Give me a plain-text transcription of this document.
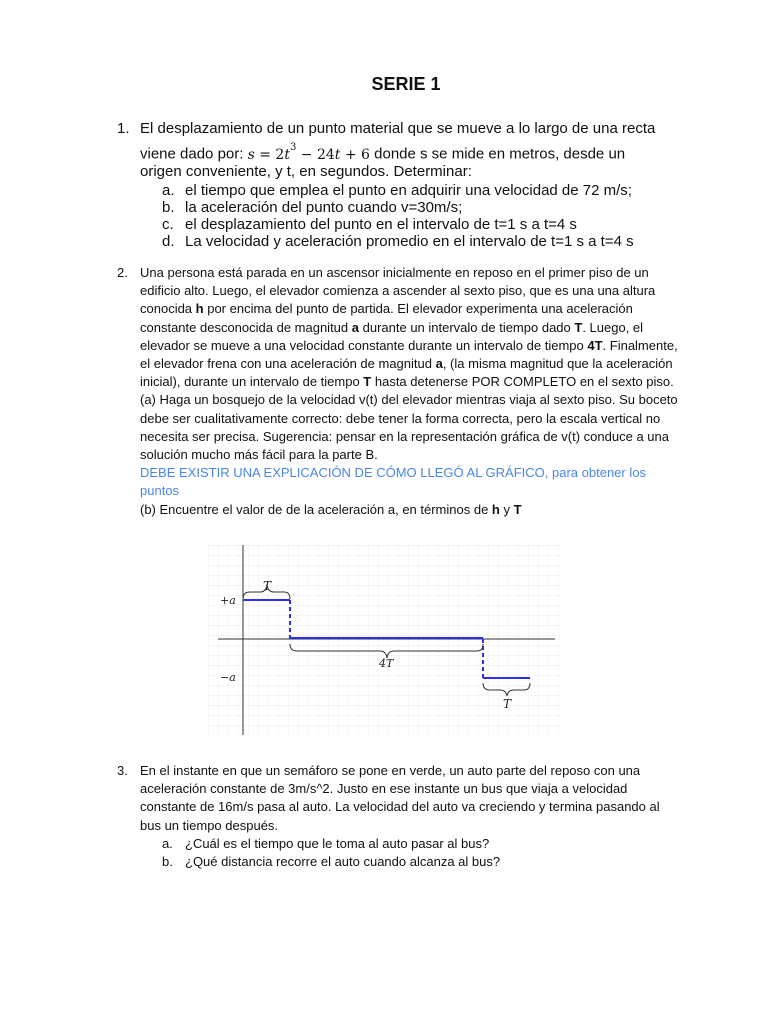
SERIE 1
1. El desplazamiento de un punto material que se mueve a lo largo de una recta
viene dado por: $s = 2t^3 - 24t + 6$ donde s se mide en metros, desde un
origen conveniente, y t, en segundos. Determinar:
a. el tiempo que emplea el punto en adquirir una velocidad de 72 m/s;
b. la aceleración del punto cuando v=30m/s;
c. el desplazamiento del punto en el intervalo de t=1 s a t=4 s
d. La velocidad y aceleración promedio en el intervalo de t=1 s a t=4 s
2. Una persona está parada en un ascensor inicialmente en reposo en el primer piso de un edificio alto. Luego, el elevador comienza a ascender al sexto piso, que es una una altura conocida h por encima del punto de partida. El elevador experimenta una aceleración constante desconocida de magnitud a durante un intervalo de tiempo dado T. Luego, el elevador se mueve a una velocidad constante durante un intervalo de tiempo 4T. Finalmente, el elevador frena con una aceleración de magnitud a, (la misma magnitud que la aceleración inicial), durante un intervalo de tiempo T hasta detenerse POR COMPLETO en el sexto piso.
(a) Haga un bosquejo de la velocidad v(t) del elevador mientras viaja al sexto piso. Su boceto debe ser cualitativamente correcto: debe tener la forma correcta, pero la escala vertical no necesita ser precisa. Sugerencia: pensar en la representación gráfica de v(t) conduce a una solución mucho más fácil para la parte B.
DEBE EXISTIR UNA EXPLICACIÓN DE CÓMO LLEGÓ AL GRÁFICO, para obtener los puntos
(b) Encuentre el valor de de la aceleración a, en términos de h y T
+a
−a
T
4T
T
3. En el instante en que un semáforo se pone en verde, un auto parte del reposo con una aceleración constante de 3m/s^2. Justo en ese instante un bus que viaja a velocidad constante de 16m/s pasa al auto. La velocidad del auto va creciendo y termina pasando al bus un tiempo después.
a. ¿Cuál es el tiempo que le toma al auto pasar al bus?
b. ¿Qué distancia recorre el auto cuando alcanza al bus?
